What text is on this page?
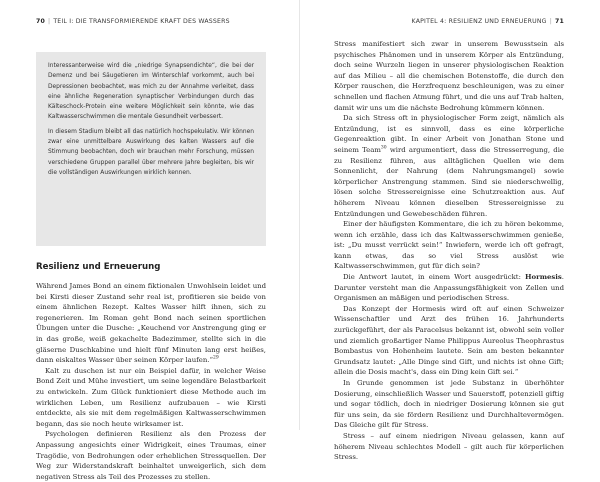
70 | TEIL I: DIE TRANSFORMIERENDE KRAFT DES WASSERS

Interessanterweise wird die „niedrige Synapsendichte“, die bei der Demenz und bei Säugetieren im Winterschlaf vorkommt, auch bei Depressionen beobachtet, was mich zu der Annahme verleitet, dass eine ähnliche Regeneration synaptischer Verbindungen durch das Kälteschock-Protein eine weitere Möglichkeit sein könnte, wie das Kaltwasserschwimmen die mentale Gesundheit verbessert.

In diesem Stadium bleibt all das natürlich hochspekulativ. Wir können zwar eine unmittelbare Auswirkung des kalten Wassers auf die Stimmung beobachten, doch wir brauchen mehr Forschung, müssen verschiedene Gruppen parallel über mehrere Jahre begleiten, bis wir die vollständigen Auswirkungen wirklich kennen.

Resilienz und Erneuerung

Während James Bond an einem fiktionalen Unwohlsein leidet und bei Kirsti dieser Zustand sehr real ist, profitieren sie beide von einem ähnlichen Rezept. Kaltes Wasser hilft ihnen, sich zu regenerieren. Im Roman geht Bond nach seinen sportlichen Übungen unter die Dusche: „Keuchend vor Anstrengung ging er in das große, weiß gekachelte Badezimmer, stellte sich in die gläserne Duschkabine und hielt fünf Minuten lang erst heißes, dann eiskaltes Wasser über seinen Körper laufen.“$^{29}$

Kalt zu duschen ist nur ein Beispiel dafür, in welcher Weise Bond Zeit und Mühe investiert, um seine legendäre Belastbarkeit zu entwickeln. Zum Glück funktioniert diese Methode auch im wirklichen Leben, um Resilienz aufzubauen – wie Kirsti entdeckte, als sie mit dem regelmäßigen Kaltwasserschwimmen begann, das sie noch heute wirksamer ist.

Psychologen definieren Resilienz als den Prozess der Anpassung angesichts einer Widrigkeit, eines Traumas, einer Tragödie, von Bedrohungen oder erheblichen Stressquellen. Der Weg zur Widerstandskraft beinhaltet unweigerlich, sich dem negativen Stress als Teil des Prozesses zu stellen.

KAPITEL 4: RESILIENZ UND ERNEUERUNG | 71

Stress manifestiert sich zwar in unserem Bewusstsein als psychisches Phänomen und in unserem Körper als Entzündung, doch seine Wurzeln liegen in unserer physiologischen Reaktion auf das Milieu – all die chemischen Botenstoffe, die durch den Körper rauschen, die Herzfrequenz beschleunigen, was zu einer schnellen und flachen Atmung führt, und die uns auf Trab halten, damit wir uns um die nächste Bedrohung kümmern können.

Da sich Stress oft in physiologischer Form zeigt, nämlich als Entzündung, ist es sinnvoll, dass es eine körperliche Gegenreaktion gibt. In einer Arbeit von Jonathan Stone und seinem Team$^{30}$ wird argumentiert, dass die Stresserregung, die zu Resilienz führen, aus alltäglichen Quellen wie dem Sonnenlicht, der Nahrung (dem Nahrungsmangel) sowie körperlicher Anstrengung stammen. Sind sie niederschwellig, lösen solche Stressereignisse eine Schutzreaktion aus. Auf höherem Niveau können dieselben Stressereignisse zu Entzündungen und Gewebeschäden führen.

Einer der häufigsten Kommentare, die ich zu hören bekomme, wenn ich erzähle, dass ich das Kaltwasserschwimmen genieße, ist: „Du musst verrückt sein!“ Inwiefern, werde ich oft gefragt, kann etwas, das so viel Stress auslöst wie Kaltwasserschwimmen, gut für dich sein?

Die Antwort lautet, in einem Wort ausgedrückt: Hormesis. Darunter versteht man die Anpassungsfähigkeit von Zellen und Organismen an mäßigen und periodischen Stress.

Das Konzept der Hormesis wird oft auf einen Schweizer Wissenschaftler und Arzt des frühen 16. Jahrhunderts zurückgeführt, der als Paracelsus bekannt ist, obwohl sein voller und ziemlich großartiger Name Philippus Aureolus Theophrastus Bombastus von Hohenheim lautete. Sein am besten bekannter Grundsatz lautet: „Alle Dinge sind Gift, und nichts ist ohne Gift; allein die Dosis macht's, dass ein Ding kein Gift sei.“

In Grunde genommen ist jede Substanz in überhöhter Dosierung, einschließlich Wasser und Sauerstoff, potenziell giftig und sogar tödlich, doch in niedriger Dosierung können sie gut für uns sein, da sie fördern Resilienz und Durchhaltevermögen. Das Gleiche gilt für Stress.

Stress – auf einem niedrigen Niveau gelassen, kann auf höherem Niveau schlechtes Modell – gilt auch für körperlichen Stress.
